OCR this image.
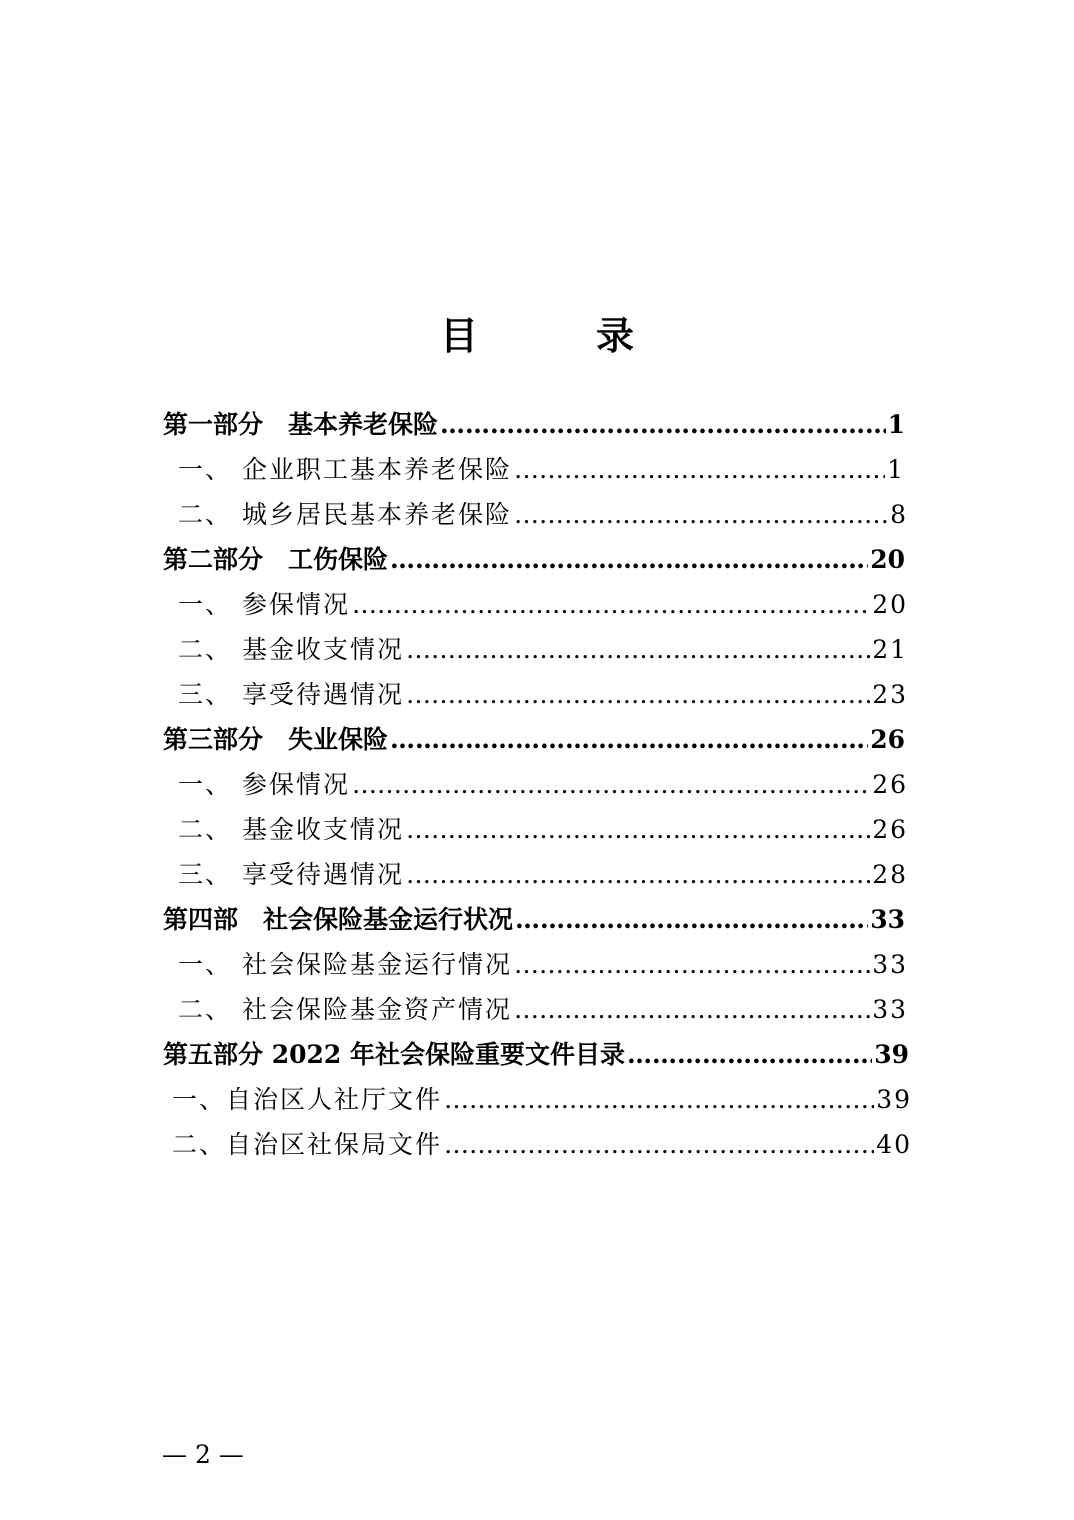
目　录
第一部分　基本养老保险 ……………………………………………………………………………………………………………………………………………………	1
一、 企业职工基本养老保险 ……………………………………………………………………………………………………………………………………………………	1
二、 城乡居民基本养老保险 ……………………………………………………………………………………………………………………………………………………	8
第二部分　工伤保险 ……………………………………………………………………………………………………………………………………………………	20
一、 参保情况 ……………………………………………………………………………………………………………………………………………………	20
二、 基金收支情况 ……………………………………………………………………………………………………………………………………………………	21
三、 享受待遇情况 ……………………………………………………………………………………………………………………………………………………	23
第三部分　失业保险 ……………………………………………………………………………………………………………………………………………………	26
一、 参保情况 ……………………………………………………………………………………………………………………………………………………	26
二、 基金收支情况 ……………………………………………………………………………………………………………………………………………………	26
三、 享受待遇情况 ……………………………………………………………………………………………………………………………………………………	28
第四部　社会保险基金运行状况 ……………………………………………………………………………………………………………………………………………………	33
一、 社会保险基金运行情况 ……………………………………………………………………………………………………………………………………………………	33
二、 社会保险基金资产情况 ……………………………………………………………………………………………………………………………………………………	33
第五部分 2022 年社会保险重要文件目录 ……………………………………………………………………………………………………………………………………………………	39
一、自治区人社厅文件 ……………………………………………………………………………………………………………………………………………………	39
二、自治区社保局文件 ……………………………………………………………………………………………………………………………………………………	40
— 2 —
